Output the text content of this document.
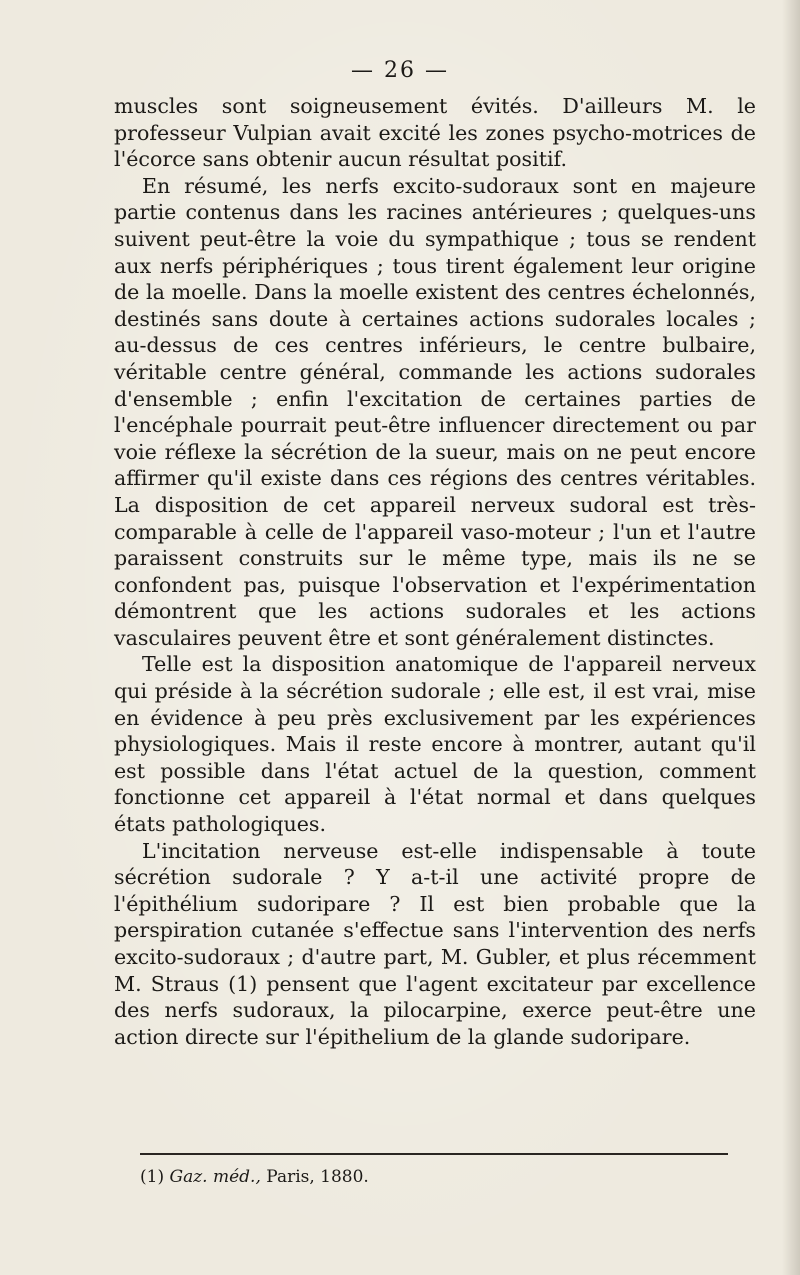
— 26 —

muscles sont soigneusement évités. D'ailleurs M. le professeur Vulpian avait excité les zones psycho-motrices de l'écorce sans obtenir aucun résultat positif.

En résumé, les nerfs excito-sudoraux sont en majeure partie contenus dans les racines antérieures ; quelques-uns suivent peut-être la voie du sympathique ; tous se rendent aux nerfs périphériques ; tous tirent également leur origine de la moelle. Dans la moelle existent des centres échelonnés, destinés sans doute à certaines actions sudorales locales ; au-dessus de ces centres inférieurs, le centre bulbaire, véritable centre général, commande les actions sudorales d'ensemble ; enfin l'excitation de certaines parties de l'encéphale pourrait peut-être influencer directement ou par voie réflexe la sécrétion de la sueur, mais on ne peut encore affirmer qu'il existe dans ces régions des centres véritables. La disposition de cet appareil nerveux sudoral est très-comparable à celle de l'appareil vaso-moteur ; l'un et l'autre paraissent construits sur le même type, mais ils ne se confondent pas, puisque l'observation et l'expérimentation démontrent que les actions sudorales et les actions vasculaires peuvent être et sont généralement distinctes.

Telle est la disposition anatomique de l'appareil nerveux qui préside à la sécrétion sudorale ; elle est, il est vrai, mise en évidence à peu près exclusivement par les expériences physiologiques. Mais il reste encore à montrer, autant qu'il est possible dans l'état actuel de la question, comment fonctionne cet appareil à l'état normal et dans quelques états pathologiques.

L'incitation nerveuse est-elle indispensable à toute sécrétion sudorale ? Y a-t-il une activité propre de l'épithélium sudoripare ? Il est bien probable que la perspiration cutanée s'effectue sans l'intervention des nerfs excito-sudoraux ; d'autre part, M. Gubler, et plus récemment M. Straus (1) pensent que l'agent excitateur par excellence des nerfs sudoraux, la pilocarpine, exerce peut-être une action directe sur l'épithelium de la glande sudoripare.

(1) Gaz. méd., Paris, 1880.
